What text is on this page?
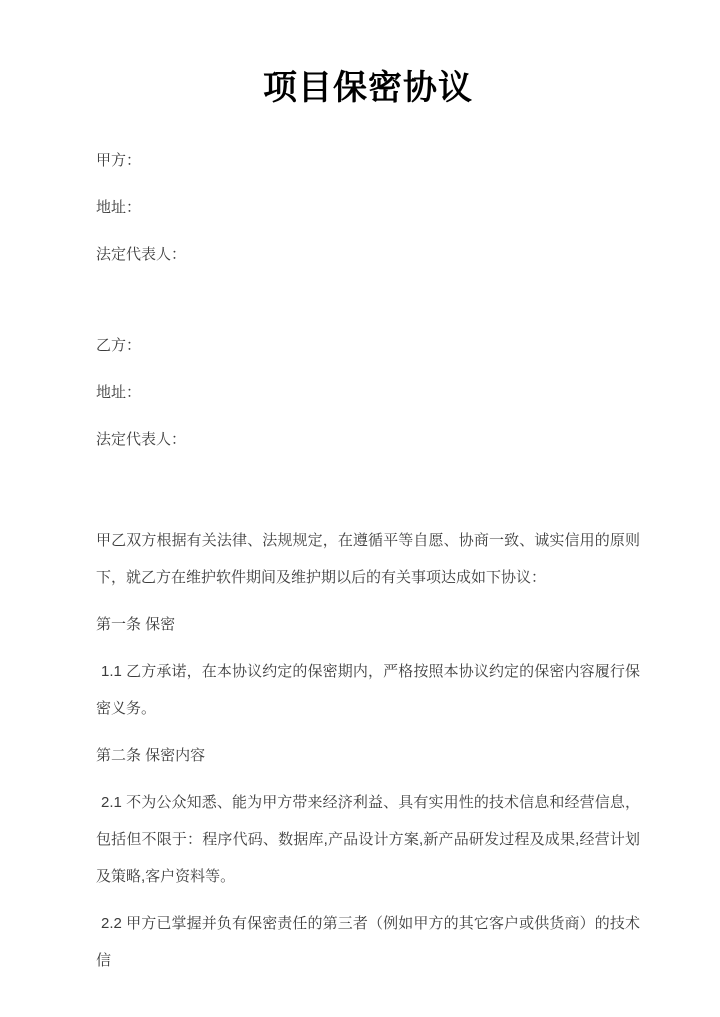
项目保密协议

甲方：

地址：

法定代表人：

乙方：

地址：

法定代表人：

甲乙双方根据有关法律、法规规定，在遵循平等自愿、协商一致、诚实信用的原则下，就乙方在维护软件期间及维护期以后的有关事项达成如下协议：

第一条 保密

1.1 乙方承诺，在本协议约定的保密期内，严格按照本协议约定的保密内容履行保密义务。

第二条 保密内容

2.1 不为公众知悉、能为甲方带来经济利益、具有实用性的技术信息和经营信息，包括但不限于：程序代码、数据库,产品设计方案,新产品研发过程及成果,经营计划及策略,客户资料等。

2.2 甲方已掌握并负有保密责任的第三者（例如甲方的其它客户或供货商）的技术信
